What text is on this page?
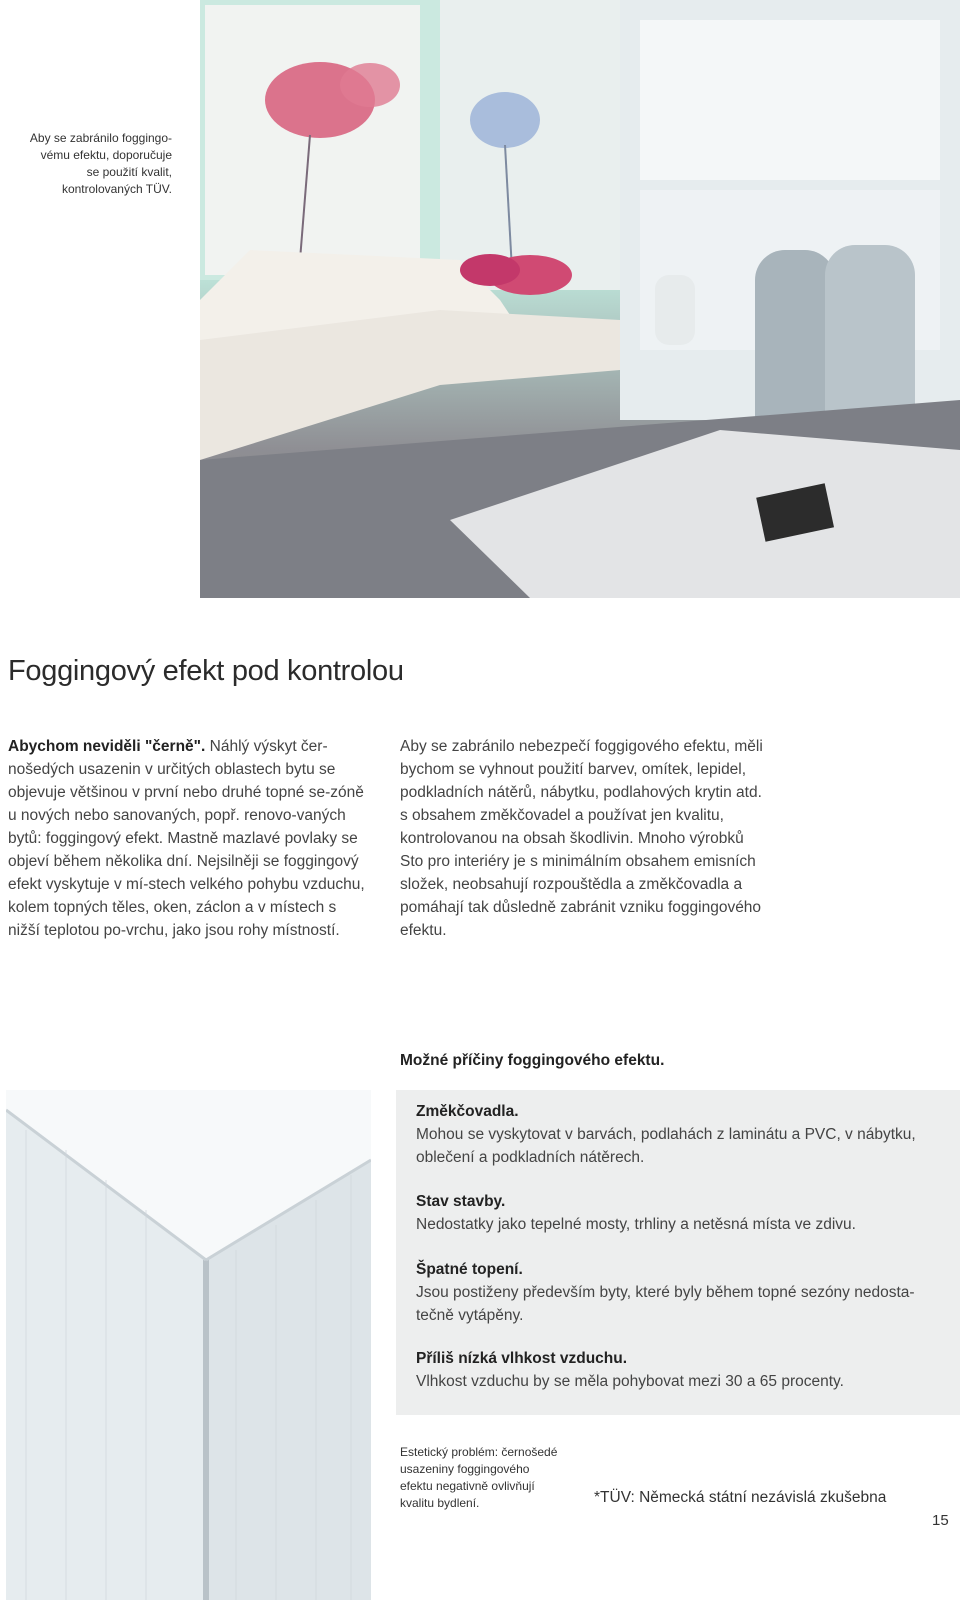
Aby se zabránilo foggingo-
vému efektu, doporučuje
se použití kvalit,
kontrolovaných TÜV.
Foggingový efekt pod kontrolou
Abychom neviděli "černě". Náhlý výskyt čer-nošedých usazenin v určitých oblastech bytu se objevuje většinou v první nebo druhé topné se-zóně u nových nebo sanovaných, popř. renovo-vaných bytů: foggingový efekt. Mastně mazlavé povlaky se objeví během několika dní. Nejsilněji se foggingový efekt vyskytuje v mí-stech velkého pohybu vzduchu, kolem topných těles, oken, záclon a v místech s nižší teplotou po-vrchu, jako jsou rohy místností.
Aby se zabránilo nebezpečí foggigového efektu, měli bychom se vyhnout použití barvev, omítek, lepidel, podkladních nátěrů, nábytku, podlahových krytin atd. s obsahem změkčovadel a používat jen kvalitu, kontrolovanou na obsah škodlivin. Mnoho výrobků Sto pro interiéry je s minimálním obsahem emisních složek, neobsahují rozpouštědla a změkčovadla a pomáhají tak důsledně zabránit vzniku foggingového efektu.
Možné příčiny foggingového efektu.
Změkčovadla.
Mohou se vyskytovat v barvách, podlahách z laminátu a PVC, v nábytku, oblečení a podkladních nátěrech.
Stav stavby.
Nedostatky jako tepelné mosty, trhliny a netěsná místa ve zdivu.
Špatné topení.
Jsou postiženy především byty, které byly během topné sezóny nedosta-tečně vytápěny.
Příliš nízká vlhkost vzduchu.
Vlhkost vzduchu by se měla pohybovat mezi 30 a 65 procenty.
Estetický problém: černošedé
usazeniny foggingového
efektu negativně ovlivňují
kvalitu bydlení.	*TÜV: Německá státní nezávislá zkušebna
15
